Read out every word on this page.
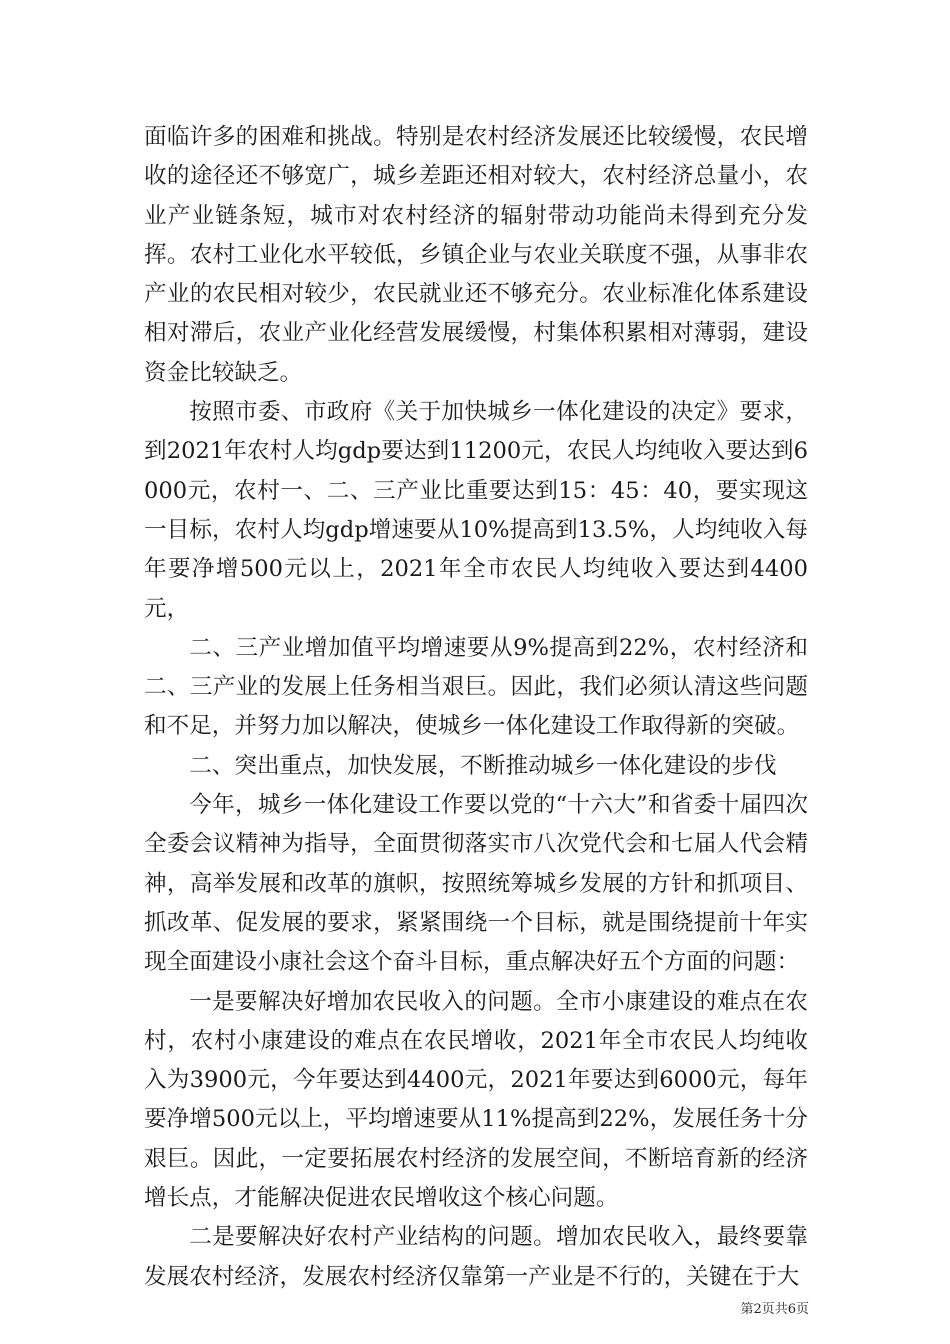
面临许多的困难和挑战。特别是农村经济发展还比较缓慢，农民增收的途径还不够宽广，城乡差距还相对较大，农村经济总量小，农业产业链条短，城市对农村经济的辐射带动功能尚未得到充分发挥。农村工业化水平较低，乡镇企业与农业关联度不强，从事非农产业的农民相对较少，农民就业还不够充分。农业标准化体系建设相对滞后，农业产业化经营发展缓慢，村集体积累相对薄弱，建设资金比较缺乏。

按照市委、市政府《关于加快城乡一体化建设的决定》要求，到2021年农村人均gdp要达到11200元，农民人均纯收入要达到6000元，农村一、二、三产业比重要达到15：45：40，要实现这一目标，农村人均gdp增速要从10%提高到13.5%，人均纯收入每年要净增500元以上，2021年全市农民人均纯收入要达到4400元，

二、三产业增加值平均增速要从9%提高到22%，农村经济和二、三产业的发展上任务相当艰巨。因此，我们必须认清这些问题和不足，并努力加以解决，使城乡一体化建设工作取得新的突破。

二、突出重点，加快发展，不断推动城乡一体化建设的步伐

今年，城乡一体化建设工作要以党的“十六大”和省委十届四次全委会议精神为指导，全面贯彻落实市八次党代会和七届人代会精神，高举发展和改革的旗帜，按照统筹城乡发展的方针和抓项目、抓改革、促发展的要求，紧紧围绕一个目标，就是围绕提前十年实现全面建设小康社会这个奋斗目标，重点解决好五个方面的问题：

一是要解决好增加农民收入的问题。全市小康建设的难点在农村，农村小康建设的难点在农民增收，2021年全市农民人均纯收入为3900元，今年要达到4400元，2021年要达到6000元，每年要净增500元以上，平均增速要从11%提高到22%，发展任务十分艰巨。因此，一定要拓展农村经济的发展空间，不断培育新的经济增长点，才能解决促进农民增收这个核心问题。

二是要解决好农村产业结构的问题。增加农民收入，最终要靠发展农村经济，发展农村经济仅靠第一产业是不行的，关键在于大

第2页共6页
